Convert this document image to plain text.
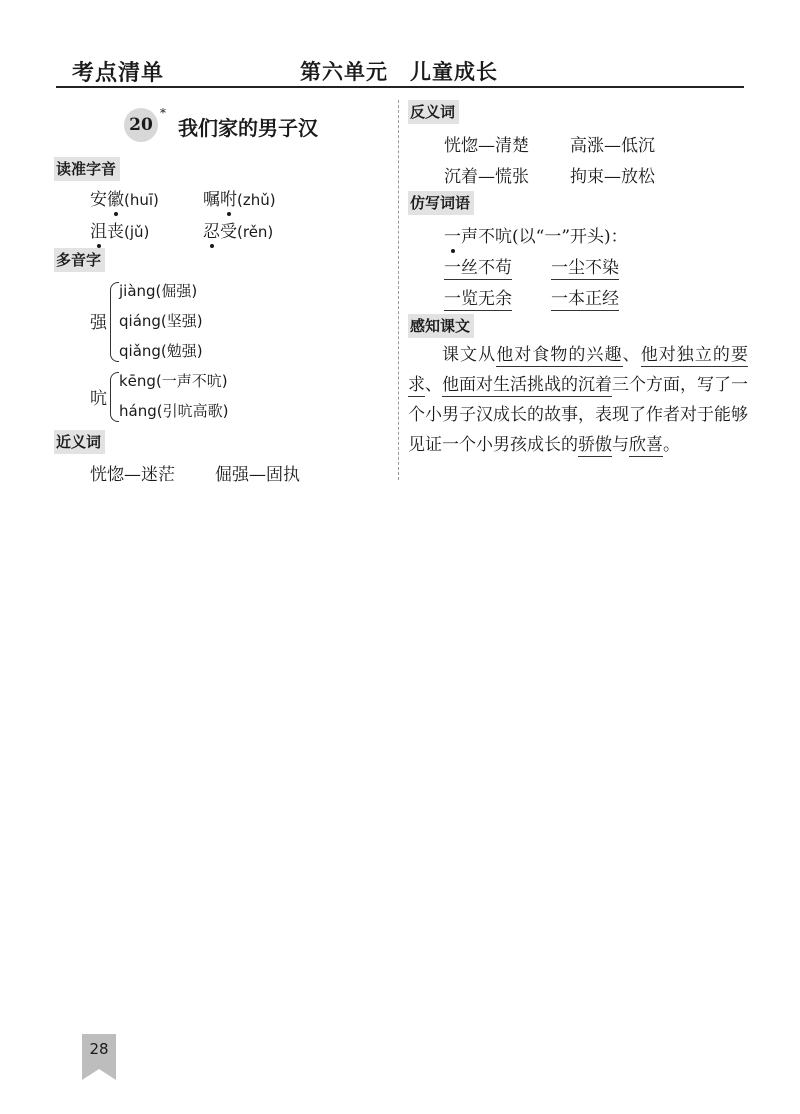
考点清单	第六单元　儿童成长
20
*
我们家的男子汉
读准字音
安徽(huī)	嘱咐(zhǔ)
沮丧(jǔ)	忍受(rěn)
多音字
强
jiàng(倔强)
qiáng(坚强)
qiǎng(勉强)
吭
kēng(一声不吭)
háng(引吭高歌)
近义词
恍惚—迷茫 倔强—固执
反义词
恍惚—清楚 高涨—低沉
沉着—慌张 拘束—放松
仿写词语
一声不吭(以“一”开头)：
一丝不苟 一尘不染
一览无余 一本正经
感知课文
课文从他对食物的兴趣、他对独立的要求、他面对生活挑战的沉着三个方面，写了一个小男子汉成长的故事，表现了作者对于能够见证一个小男孩成长的骄傲与欣喜。
28
